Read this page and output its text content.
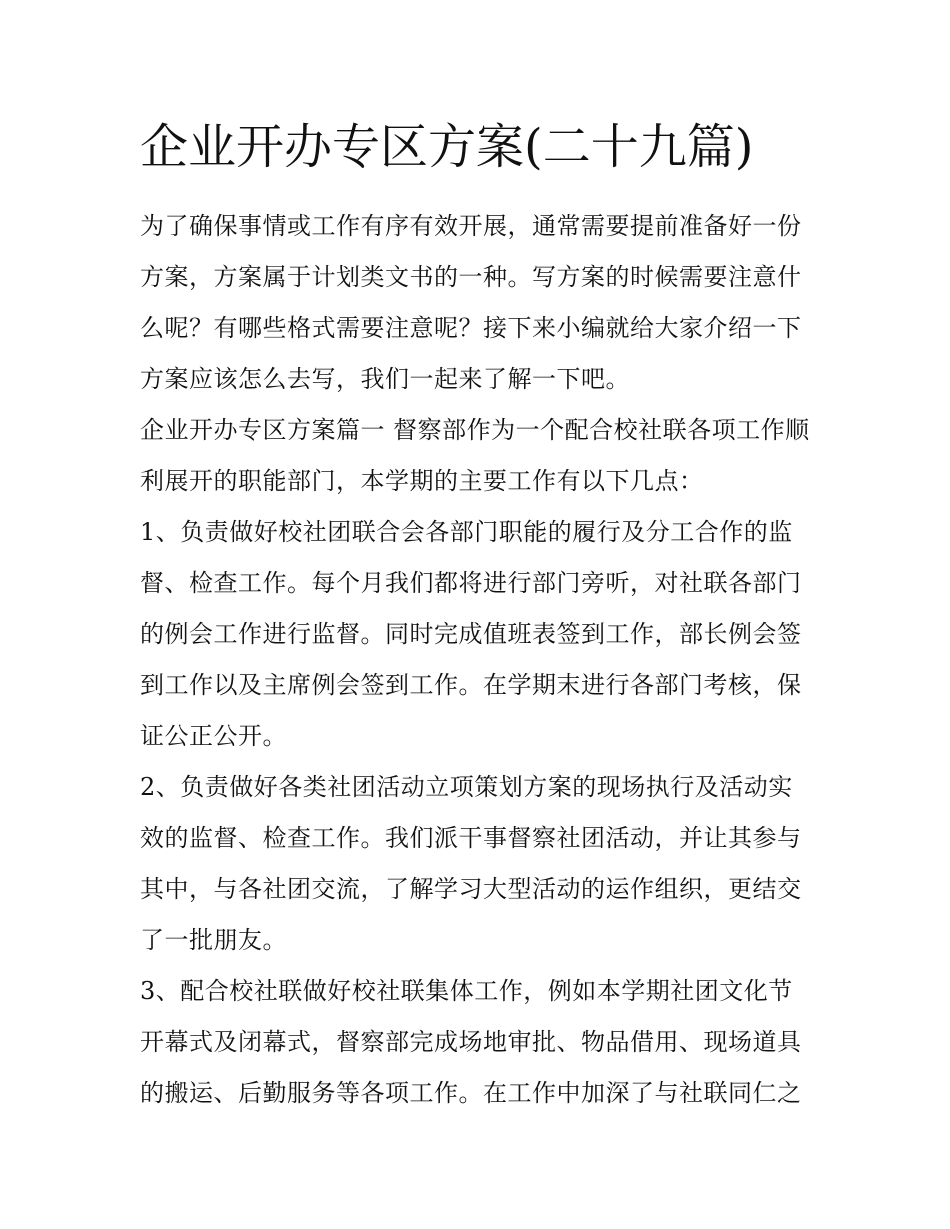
企业开办专区方案(二十九篇)

为了确保事情或工作有序有效开展，通常需要提前准备好一份方案，方案属于计划类文书的一种。写方案的时候需要注意什么呢？有哪些格式需要注意呢？接下来小编就给大家介绍一下方案应该怎么去写，我们一起来了解一下吧。

企业开办专区方案篇一 督察部作为一个配合校社联各项工作顺利展开的职能部门，本学期的主要工作有以下几点：

1、负责做好校社团联合会各部门职能的履行及分工合作的监督、检查工作。每个月我们都将进行部门旁听，对社联各部门的例会工作进行监督。同时完成值班表签到工作，部长例会签到工作以及主席例会签到工作。在学期末进行各部门考核，保证公正公开。

2、负责做好各类社团活动立项策划方案的现场执行及活动实效的监督、检查工作。我们派干事督察社团活动，并让其参与其中，与各社团交流，了解学习大型活动的运作组织，更结交了一批朋友。

3、配合校社联做好校社联集体工作，例如本学期社团文化节开幕式及闭幕式，督察部完成场地审批、物品借用、现场道具的搬运、后勤服务等各项工作。在工作中加深了与社联同仁之
